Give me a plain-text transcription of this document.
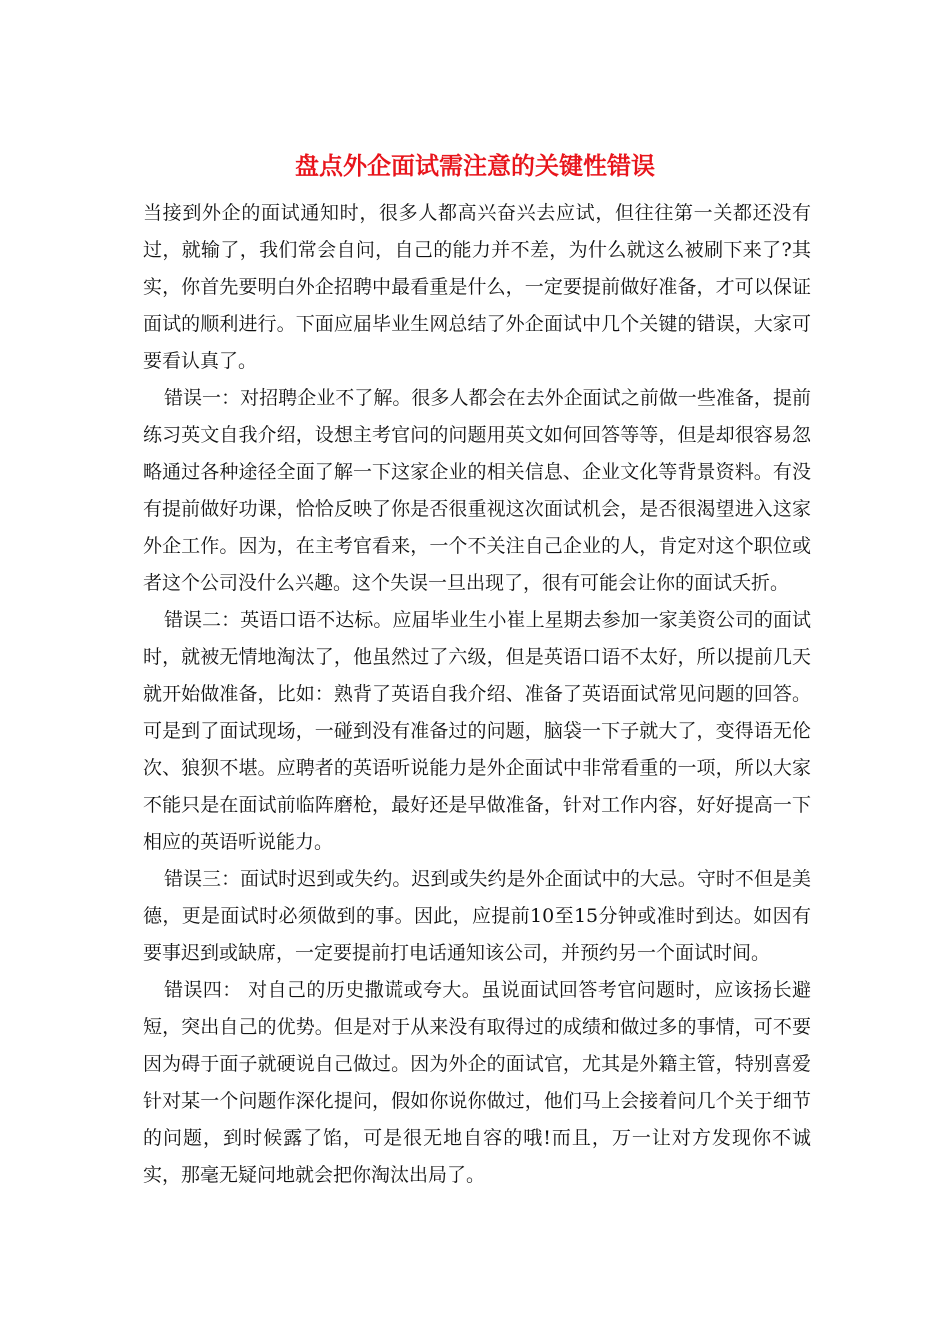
盘点外企面试需注意的关键性错误

当接到外企的面试通知时，很多人都高兴奋兴去应试，但往往第一关都还没有过，就输了，我们常会自问，自己的能力并不差，为什么就这么被刷下来了?其实，你首先要明白外企招聘中最看重是什么，一定要提前做好准备，才可以保证面试的顺利进行。下面应届毕业生网总结了外企面试中几个关键的错误，大家可要看认真了。

错误一：对招聘企业不了解。很多人都会在去外企面试之前做一些准备，提前练习英文自我介绍，设想主考官问的问题用英文如何回答等等，但是却很容易忽略通过各种途径全面了解一下这家企业的相关信息、企业文化等背景资料。有没有提前做好功课，恰恰反映了你是否很重视这次面试机会，是否很渴望进入这家外企工作。因为，在主考官看来，一个不关注自己企业的人，肯定对这个职位或者这个公司没什么兴趣。这个失误一旦出现了，很有可能会让你的面试夭折。

错误二：英语口语不达标。应届毕业生小崔上星期去参加一家美资公司的面试时，就被无情地淘汰了，他虽然过了六级，但是英语口语不太好，所以提前几天就开始做准备，比如：熟背了英语自我介绍、准备了英语面试常见问题的回答。可是到了面试现场，一碰到没有准备过的问题，脑袋一下子就大了，变得语无伦次、狼狈不堪。应聘者的英语听说能力是外企面试中非常看重的一项，所以大家不能只是在面试前临阵磨枪，最好还是早做准备，针对工作内容，好好提高一下相应的英语听说能力。

错误三：面试时迟到或失约。迟到或失约是外企面试中的大忌。守时不但是美德，更是面试时必须做到的事。因此，应提前10至15分钟或准时到达。如因有要事迟到或缺席，一定要提前打电话通知该公司，并预约另一个面试时间。

错误四： 对自己的历史撒谎或夸大。虽说面试回答考官问题时，应该扬长避短，突出自己的优势。但是对于从来没有取得过的成绩和做过多的事情，可不要因为碍于面子就硬说自己做过。因为外企的面试官，尤其是外籍主管，特别喜爱针对某一个问题作深化提问，假如你说你做过，他们马上会接着问几个关于细节的问题，到时候露了馅，可是很无地自容的哦!而且，万一让对方发现你不诚实，那毫无疑问地就会把你淘汰出局了。
